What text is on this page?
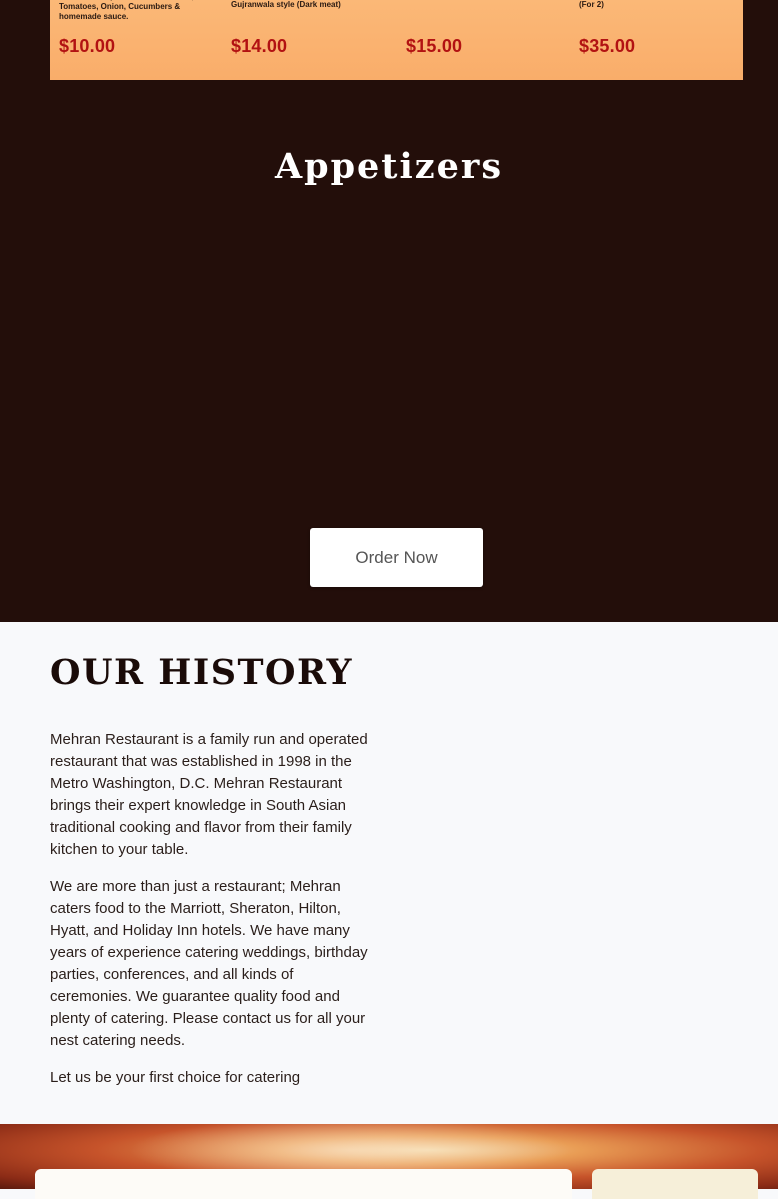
Tomatoes, Onion, Cucumbers & homemade sauce.
$10.00
Gujranwala style (Dark meat)
$14.00	$15.00
(For 2)
$35.00
Appetizers
Order Now
OUR HISTORY

Mehran Restaurant is a family run and operated restaurant that was established in 1998 in the Metro Washington, D.C. Mehran Restaurant brings their expert knowledge in South Asian traditional cooking and flavor from their family kitchen to your table.

We are more than just a restaurant; Mehran caters food to the Marriott, Sheraton, Hilton, Hyatt, and Holiday Inn hotels. We have many years of experience catering weddings, birthday parties, conferences, and all kinds of ceremonies. We guarantee quality food and plenty of catering. Please contact us for all your nest catering needs.

Let us be your first choice for catering
